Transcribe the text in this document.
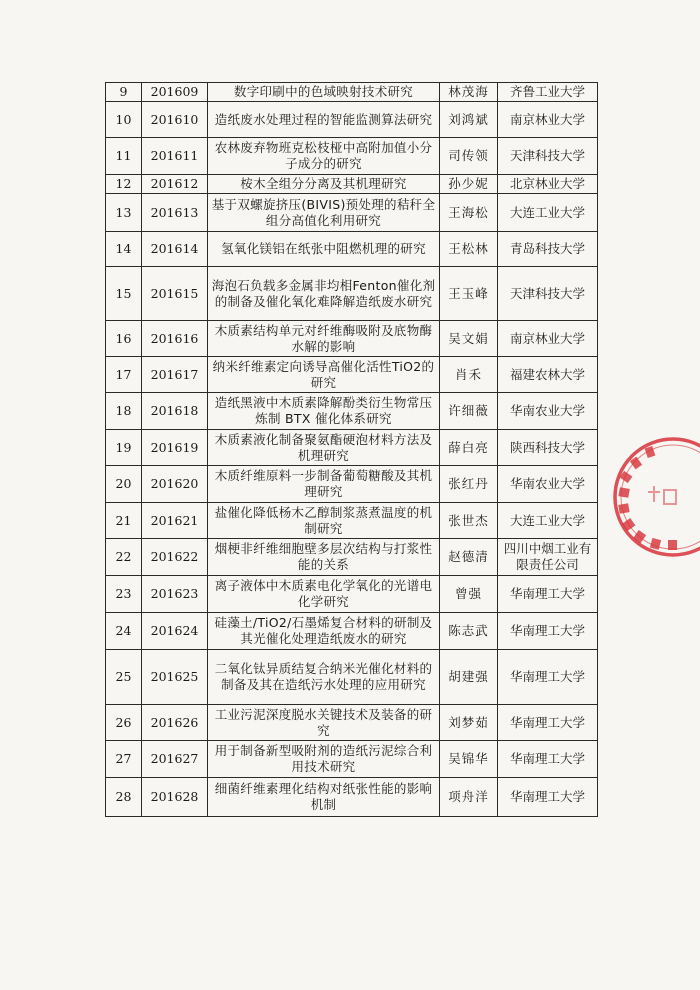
9	201609	数字印刷中的色域映射技术研究	林茂海	齐鲁工业大学
10	201610	造纸废水处理过程的智能监测算法研究	刘鸿斌	南京林业大学
11	201611	农林废弃物班克松枝桠中高附加值小分子成分的研究	司传领	天津科技大学
12	201612	桉木全组分分离及其机理研究	孙少妮	北京林业大学
13	201613	基于双螺旋挤压(BIVIS)预处理的秸秆全组分高值化利用研究	王海松	大连工业大学
14	201614	氢氧化镁铝在纸张中阻燃机理的研究	王松林	青岛科技大学
15	201615	海泡石负载多金属非均相Fenton催化剂的制备及催化氧化难降解造纸废水研究	王玉峰	天津科技大学
16	201616	木质素结构单元对纤维酶吸附及底物酶水解的影响	吴文娟	南京林业大学
17	201617	纳米纤维素定向诱导高催化活性TiO2的研究	肖禾	福建农林大学
18	201618	造纸黑液中木质素降解酚类衍生物常压炼制 BTX 催化体系研究	许细薇	华南农业大学
19	201619	木质素液化制备聚氨酯硬泡材料方法及机理研究	薛白亮	陕西科技大学
20	201620	木质纤维原料一步制备葡萄糖酸及其机理研究	张红丹	华南农业大学
21	201621	盐催化降低杨木乙醇制浆蒸煮温度的机制研究	张世杰	大连工业大学
22	201622	烟梗非纤维细胞壁多层次结构与打浆性能的关系	赵德清	四川中烟工业有限责任公司
23	201623	离子液体中木质素电化学氧化的光谱电化学研究	曾强	华南理工大学
24	201624	硅藻土/TiO2/石墨烯复合材料的研制及其光催化处理造纸废水的研究	陈志武	华南理工大学
25	201625	二氧化钛异质结复合纳米光催化材料的制备及其在造纸污水处理的应用研究	胡建强	华南理工大学
26	201626	工业污泥深度脱水关键技术及装备的研究	刘梦茹	华南理工大学
27	201627	用于制备新型吸附剂的造纸污泥综合利用技术研究	吴锦华	华南理工大学
28	201628	细菌纤维素理化结构对纸张性能的影响机制	项舟洋	华南理工大学
